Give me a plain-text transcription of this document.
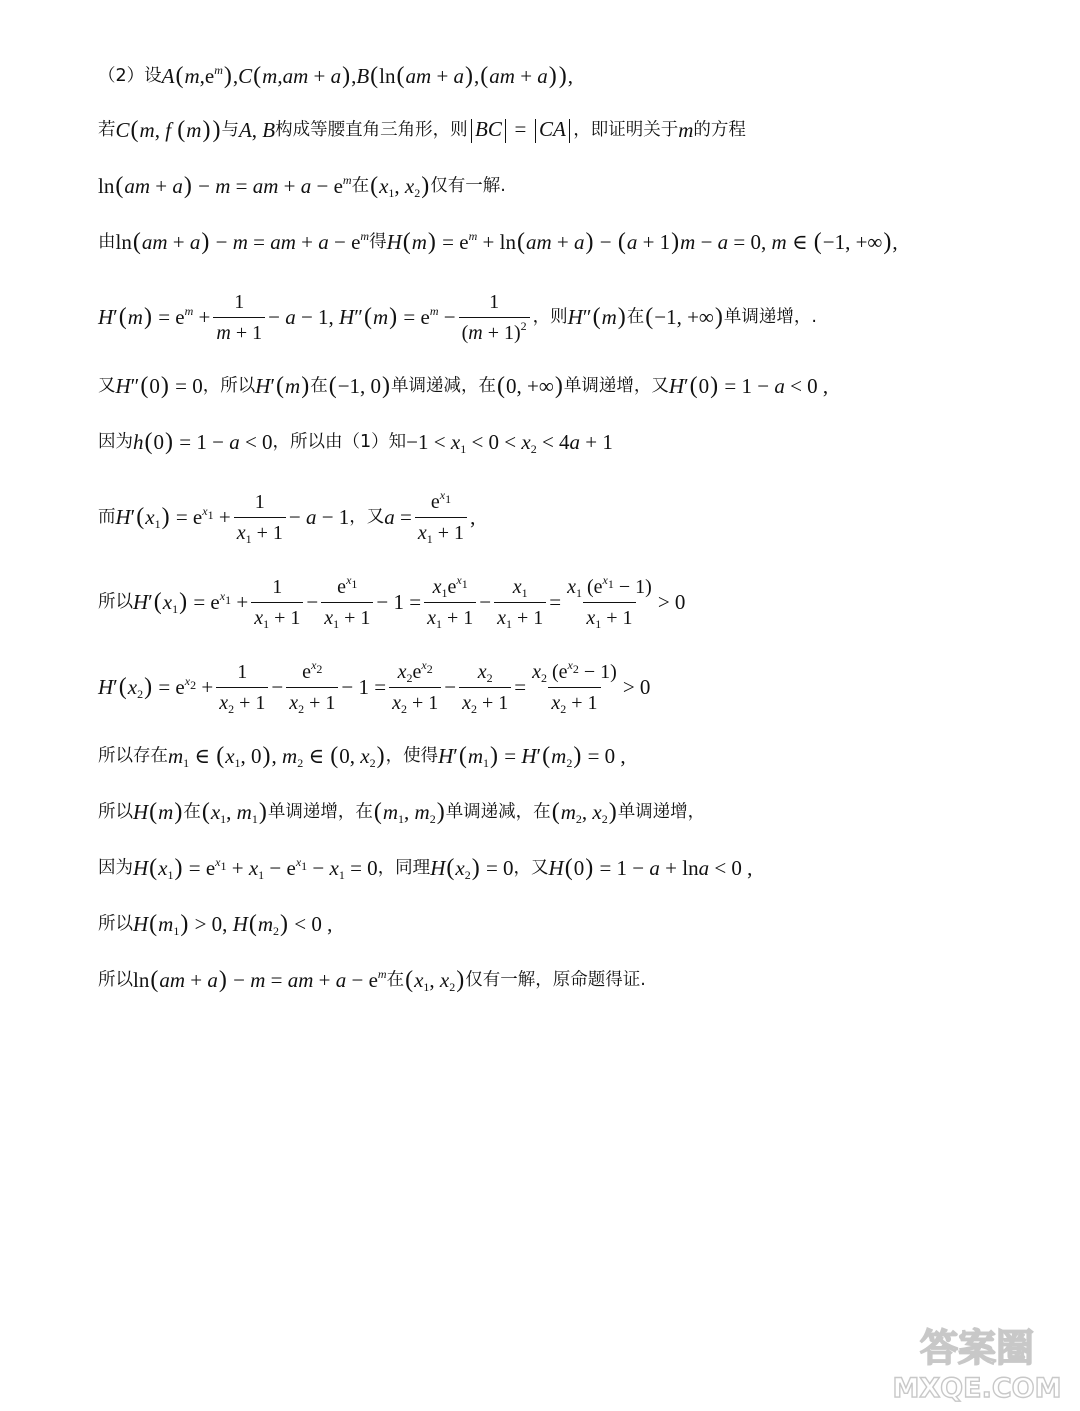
（2）设 $A(m,e^m),C(m,am + a),B(\ln(am + a),(am + a))$,
若 C(m, f (m)) 与 A, B 构成等腰直角三角形，则 BC = CA ，即证明关于 m 的方程
ln(am + a) − m = am + $a - e^m$ 在 ($x_1$, $x_2$) 仅有一解.
由 ln(am + a) − m = am + $a - e^m$ 得 $H(m) = e^m + \ln(am + a) - (a + 1)m - a = 0$, m ∈ (−1, +∞),
$H'(m) = e^m + \frac{1}{m + 1} - a - 1$, $H''(m) = e^m - \frac{1}{(m + 1)^2}$ ，则 H″(m) 在 (−1, +∞) 单调递增，.
又 H″(0) = 0 ，所以 H′(m) 在 (−1, 0) 单调递减，在 (0, +∞) 单调递增，又 H′(0) = 1 − a < 0 ,
因为 h(0) = 1 − a < 0 ，所以由（1）知 $-1 < x_1 < 0 < x_2 < 4a + 1$
而 $H'(x_1) = e^{x_1} + \frac{1}{x_1 + 1} - a - 1$ ，又 $a = \frac{e^{x_1}}{x_1 + 1}$ ,
所以 $H'(x_1) = e^{x_1} + \frac{1}{x_1 + 1} - \frac{e^{x_1}}{x_1 + 1} - 1 = \frac{x_1e^{x_1}}{x_1 + 1} - \frac{x_1}{x_1 + 1} = \frac{x_1 (e^{x_1} - 1)}{x_1 + 1} > 0$
$H'(x_2) = e^{x_2} + \frac{1}{x_2 + 1} - \frac{e^{x_2}}{x_2 + 1} - 1 = \frac{x_2e^{x_2}}{x_2 + 1} - \frac{x_2}{x_2 + 1} = \frac{x_2 (e^{x_2} - 1)}{x_2 + 1} > 0$
所以存在 $m_1$ ∈ ($x_1$, 0), $m_2$ ∈ (0, $x_2$) ，使得 $H'(m_1) = H'(m_2) = 0$ ,
所以 H(m) 在 ($x_1$, $m_1$) 单调递增，在 ($m_1$, $m_2$) 单调递减，在 ($m_2$, $x_2$) 单调递增，
因为 $H(x_1) = e^{x_1} + x_1 - e^{x_1} - x_1 = 0$ ，同理 $H(x_2) = 0$ ，又 H(0) = 1 − a + lna < 0 ,
所以 $H(m_1) > 0$, $H(m_2) < 0$ ,
所以 ln(am + a) − m = am + $a - e^m$ 在 ($x_1$, $x_2$) 仅有一解，原命题得证.
答案圈
MXQE.COM
